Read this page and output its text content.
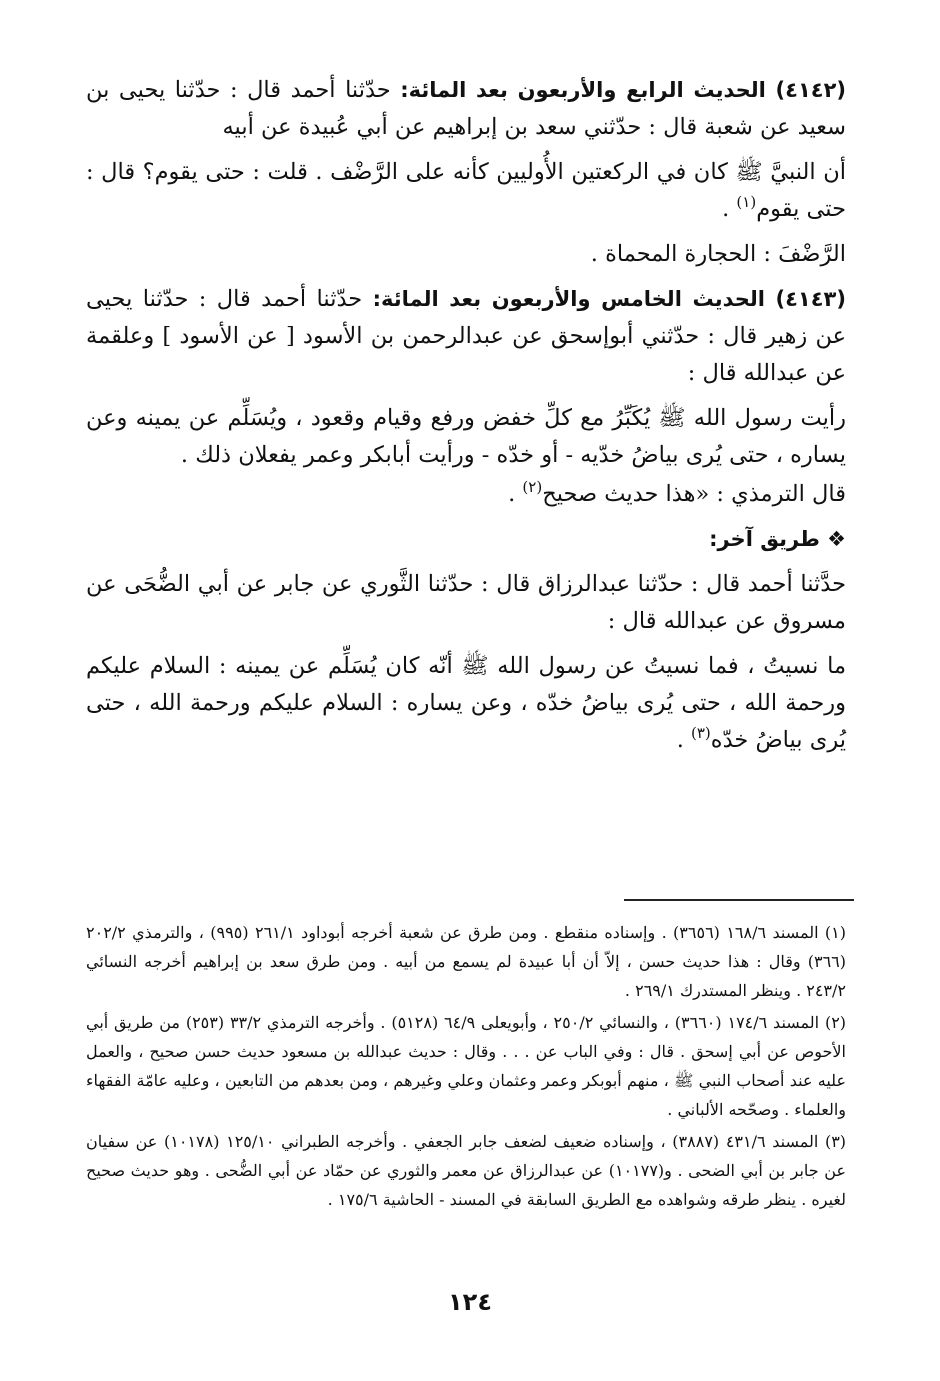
(٤١٤٢) الحديث الرابع والأربعون بعد المائة: حدّثنا أحمد قال : حدّثنا يحيى بن سعيد عن شعبة قال : حدّثني سعد بن إبراهيم عن أبي عُبيدة عن أبيه

أن النبيَّ ﷺ كان في الركعتين الأُوليين كأنه على الرَّضْف . قلت : حتى يقوم؟ قال : حتى يقوم$^{(١)}$ .

الرَّضْفَ : الحجارة المحماة .

(٤١٤٣) الحديث الخامس والأربعون بعد المائة: حدّثنا أحمد قال : حدّثنا يحيى عن زهير قال : حدّثني أبوإسحق عن عبدالرحمن بن الأسود [ عن الأسود ] وعلقمة عن عبدالله قال :

رأيت رسول الله ﷺ يُكَبِّرُ مع كلِّ خفض ورفع وقيام وقعود ، ويُسَلِّم عن يمينه وعن يساره ، حتى يُرى بياضُ خدّيه - أو خدّه - ورأيت أبابكر وعمر يفعلان ذلك .

قال الترمذي : «هذا حديث صحيح$^{(٢)}$ .

❖ طريق آخر:

حدَّثنا أحمد قال : حدّثنا عبدالرزاق قال : حدّثنا الثَّوري عن جابر عن أبي الضُّحَى عن مسروق عن عبدالله قال :

ما نسيتُ ، فما نسيتُ عن رسول الله ﷺ أنّه كان يُسَلِّم عن يمينه : السلام عليكم ورحمة الله ، حتى يُرى بياضُ خدّه ، وعن يساره : السلام عليكم ورحمة الله ، حتى يُرى بياضُ خدّه$^{(٣)}$ .

(١) المسند ١٦٨/٦ (٣٦٥٦) . وإسناده منقطع . ومن طرق عن شعبة أخرجه أبوداود ٢٦١/١ (٩٩٥) ، والترمذي ٢٠٢/٢ (٣٦٦) وقال : هذا حديث حسن ، إلاّ أن أبا عبيدة لم يسمع من أبيه . ومن طرق سعد بن إبراهيم أخرجه النسائي ٢٤٣/٢ . وينظر المستدرك ٢٦٩/١ .

(٢) المسند ١٧٤/٦ (٣٦٦٠) ، والنسائي ٢٥٠/٢ ، وأبويعلى ٦٤/٩ (٥١٢٨) . وأخرجه الترمذي ٣٣/٢ (٢٥٣) من طريق أبي الأحوص عن أبي إسحق . قال : وفي الباب عن . . . وقال : حديث عبدالله بن مسعود حديث حسن صحيح ، والعمل عليه عند أصحاب النبي ﷺ ، منهم أبوبكر وعمر وعثمان وعلي وغيرهم ، ومن بعدهم من التابعين ، وعليه عامّة الفقهاء والعلماء . وصحّحه الألباني .

(٣) المسند ٤٣١/٦ (٣٨٨٧) ، وإسناده ضعيف لضعف جابر الجعفي . وأخرجه الطبراني ١٢٥/١٠ (١٠١٧٨) عن سفيان عن جابر بن أبي الضحى . و(١٠١٧٧) عن عبدالرزاق عن معمر والثوري عن حمّاد عن أبي الضُّحى . وهو حديث صحيح لغيره . ينظر طرقه وشواهده مع الطريق السابقة في المسند - الحاشية ١٧٥/٦ .

١٢٤
